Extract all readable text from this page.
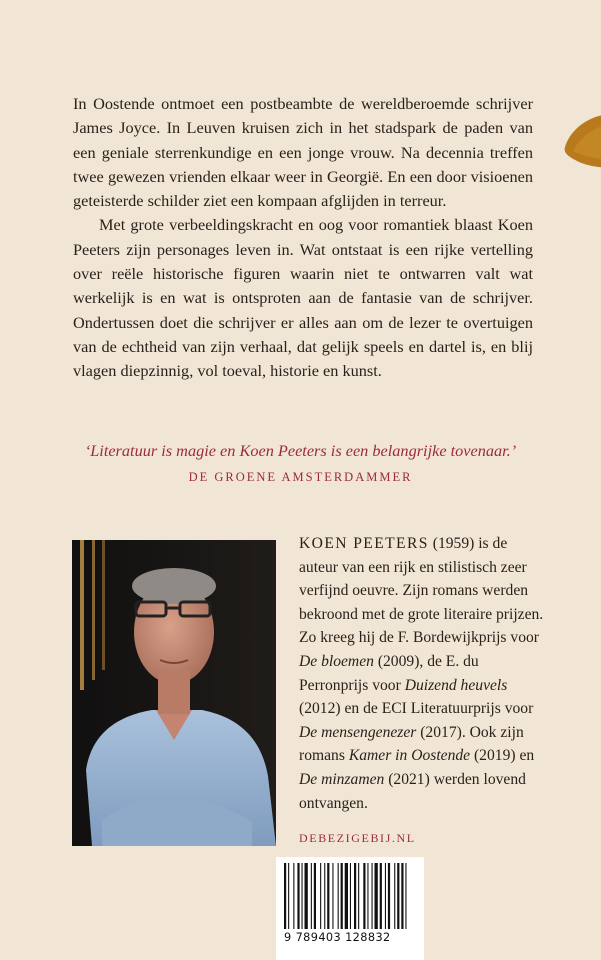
In Oostende ontmoet een postbeambte de wereldberoemde schrijver James Joyce. In Leuven kruisen zich in het stadspark de paden van een geniale sterrenkundige en een jonge vrouw. Na decennia treffen twee gewezen vrienden elkaar weer in Georgië. En een door visioenen geteisterde schilder ziet een kompaan afglijden in terreur.

Met grote verbeeldingskracht en oog voor romantiek blaast Koen Peeters zijn personages leven in. Wat ontstaat is een rijke vertelling over reële historische figuren waarin niet te ontwarren valt wat werkelijk is en wat is ontsproten aan de fantasie van de schrijver. Ondertussen doet die schrijver er alles aan om de lezer te overtuigen van de echtheid van zijn verhaal, dat gelijk speels en dartel is, en blij vlagen diepzinnig, vol toeval, historie en kunst.

‘Literatuur is magie en Koen Peeters is een belangrijke tovenaar.’
DE GROENE AMSTERDAMMER
KOEN PEETERS (1959) is de auteur van een rijk en stilistisch zeer verfijnd oeuvre. Zijn romans werden bekroond met de grote literaire prijzen. Zo kreeg hij de F. Bordewijkprijs voor De bloemen (2009), de E. du Perronprijs voor Duizend heuvels (2012) en de ECI Literatuurprijs voor De mensengenezer (2017). Ook zijn romans Kamer in Oostende (2019) en De minzamen (2021) werden lovend ontvangen.
DEBEZIGEBIJ.NL
9 789403 128832
